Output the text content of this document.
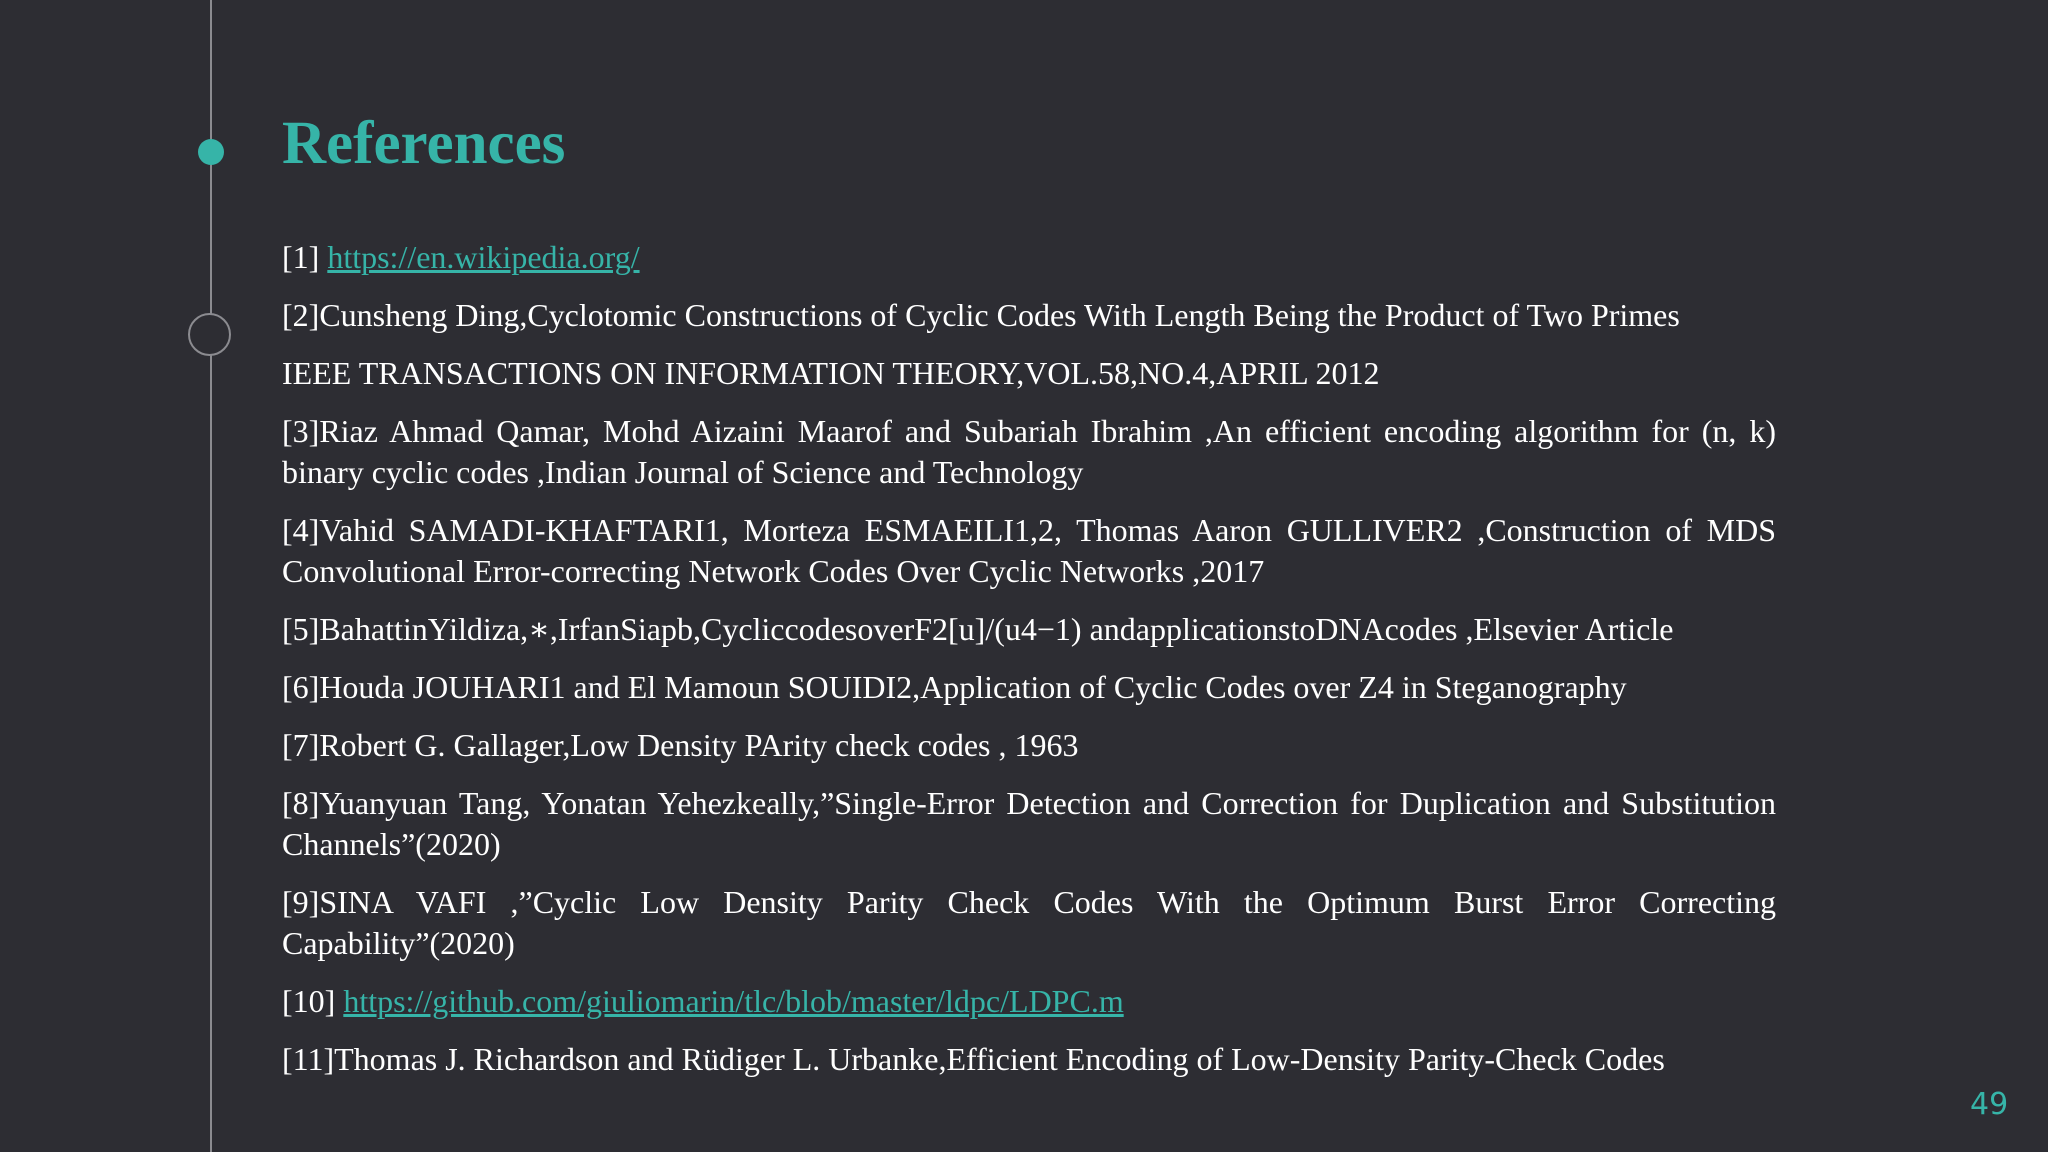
References
[1] https://en.wikipedia.org/
[2]Cunsheng Ding,Cyclotomic Constructions of Cyclic Codes With Length Being the Product of Two Primes
IEEE TRANSACTIONS ON INFORMATION THEORY,VOL.58,NO.4,APRIL 2012
[3]Riaz Ahmad Qamar, Mohd Aizaini Maarof and Subariah Ibrahim ,An efficient encoding algorithm for (n, k) binary cyclic codes ,Indian Journal of Science and Technology
[4]Vahid SAMADI-KHAFTARI1, Morteza ESMAEILI1,2, Thomas Aaron GULLIVER2 ,Construction of MDS Convolutional Error-correcting Network Codes Over Cyclic Networks ,2017
[5]BahattinYildiza,∗,IrfanSiapb,CycliccodesoverF2[u]/(u4−1) andapplicationstoDNAcodes ,Elsevier Article
[6]Houda JOUHARI1 and El Mamoun SOUIDI2,Application of Cyclic Codes over Z4 in Steganography
[7]Robert G. Gallager,Low Density PArity check codes , 1963
[8]Yuanyuan Tang, Yonatan Yehezkeally,”Single-Error Detection and Correction for Duplication and Substitution Channels”(2020)
[9]SINA VAFI ,”Cyclic Low Density Parity Check Codes With the Optimum Burst Error Correcting Capability”(2020)
[10] https://github.com/giuliomarin/tlc/blob/master/ldpc/LDPC.m
[11]Thomas J. Richardson and Rüdiger L. Urbanke,Efficient Encoding of Low-Density Parity-Check Codes
49
